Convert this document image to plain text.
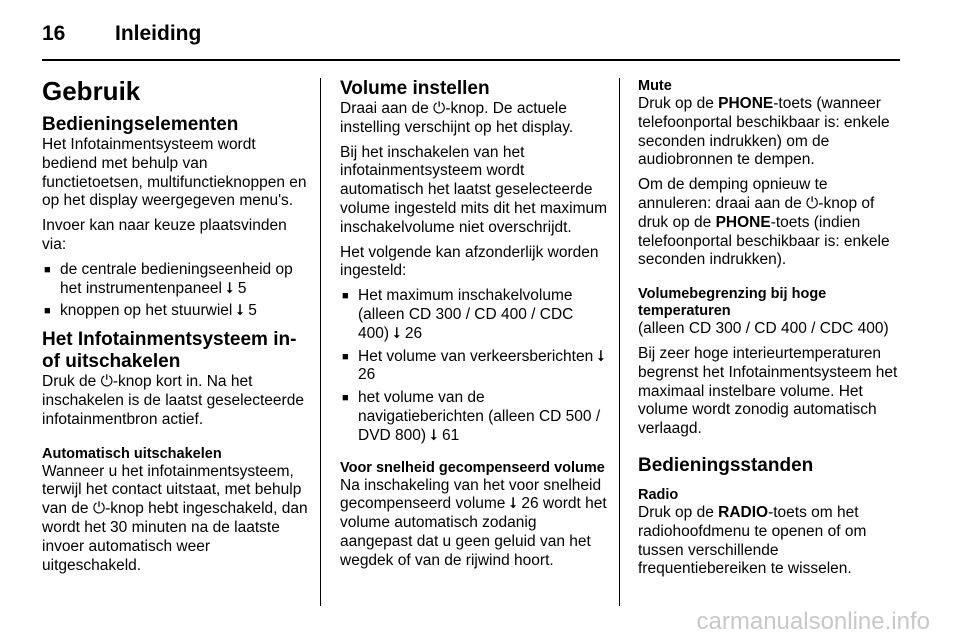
16 Inleiding
Gebruik
Bedieningselementen
Het Infotainmentsysteem wordt bediend met behulp van functietoetsen, multifunctieknoppen en op het display weergegeven menu's.
Invoer kan naar keuze plaatsvinden via:
■ de centrale bedieningseenheid op het instrumentenpaneel ⭣ 5
■ knoppen op het stuurwiel ⭣ 5
Het Infotainmentsysteem in- of uitschakelen
Druk de ⏻-knop kort in. Na het inschakelen is de laatst geselecteerde infotainmentbron actief.
Automatisch uitschakelen
Wanneer u het infotainmentsysteem, terwijl het contact uitstaat, met behulp van de ⏻-knop hebt ingeschakeld, dan wordt het 30 minuten na de laatste invoer automatisch weer uitgeschakeld.
Volume instellen
Draai aan de ⏻-knop. De actuele instelling verschijnt op het display.
Bij het inschakelen van het infotainmentsysteem wordt automatisch het laatst geselecteerde volume ingesteld mits dit het maximum inschakelvolume niet overschrijdt.
Het volgende kan afzonderlijk worden ingesteld:
■ Het maximum inschakelvolume (alleen CD 300 / CD 400 / CDC 400) ⭣ 26
■ Het volume van verkeersberichten ⭣ 26
■ het volume van de navigatieberichten (alleen CD 500 / DVD 800) ⭣ 61
Voor snelheid gecompenseerd volume
Na inschakeling van het voor snelheid gecompenseerd volume ⭣ 26 wordt het volume automatisch zodanig aangepast dat u geen geluid van het wegdek of van de rijwind hoort.
Mute
Druk op de PHONE-toets (wanneer telefoonportal beschikbaar is: enkele seconden indrukken) om de audiobronnen te dempen.
Om de demping opnieuw te annuleren: draai aan de ⏻-knop of druk op de PHONE-toets (indien telefoonportal beschikbaar is: enkele seconden indrukken).
Volumebegrenzing bij hoge temperaturen
(alleen CD 300 / CD 400 / CDC 400)
Bij zeer hoge interieurtemperaturen begrenst het Infotainmentsysteem het maximaal instelbare volume. Het volume wordt zonodig automatisch verlaagd.
Bedieningsstanden
Radio
Druk op de RADIO-toets om het radiohoofdmenu te openen of om tussen verschillende frequentiebereiken te wisselen.
carmanualsonline.info
